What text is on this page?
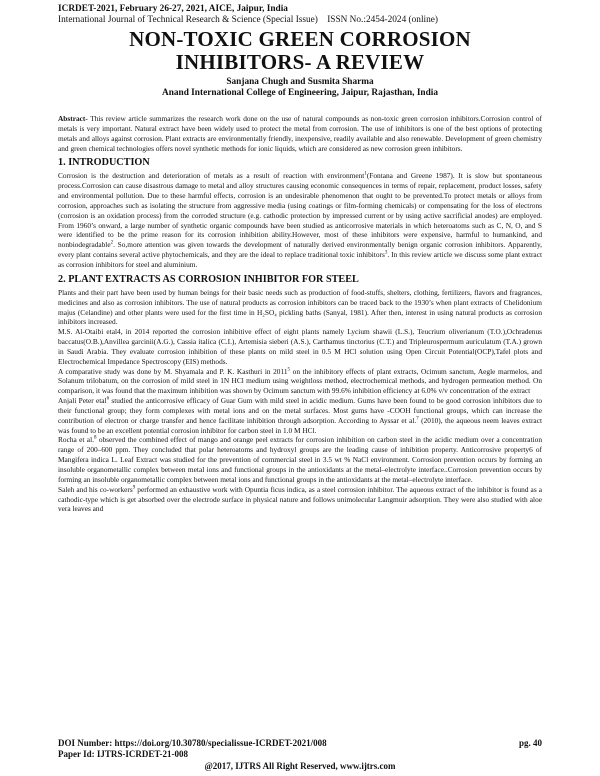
ICRDET-2021, February 26-27, 2021, AICE, Jaipur, India
International Journal of Technical Research & Science (Special Issue)    ISSN No.:2454-2024 (online)
NON-TOXIC GREEN CORROSION
INHIBITORS- A REVIEW
Sanjana Chugh and Susmita Sharma
Anand International College of Engineering, Jaipur, Rajasthan, India

Abstract- This review article summarizes the research work done on the use of natural compounds as non-toxic green corrosion inhibitors.Corrosion control of metals is very important. Natural extract have been widely used to protect the metal from corrosion. The use of inhibitors is one of the best options of protecting metals and alloys against corrosion. Plant extracts are environmentally friendly, inexpensive, readily available and also renewable. Development of green chemistry and green chemical technologies offers novel synthetic methods for ionic liquids, which are considered as new corrosion green inhibitors.

1. INTRODUCTION

Corrosion is the destruction and deterioration of metals as a result of reaction with environment$^1$(Fontana and Greene 1987). It is slow but spontaneous process.Corrosion can cause disastrous damage to metal and alloy structures causing economic consequences in terms of repair, replacement, product losses, safety and environmental pollution. Due to these harmful effects, corrosion is an undesirable phenomenon that ought to be prevented.To protect metals or alloys from corrosion, approaches such as isolating the structure from aggressive media (using coatings or film-forming chemicals) or compensating for the loss of electrons (corrosion is an oxidation process) from the corroded structure (e.g. cathodic protection by impressed current or by using active sacrificial anodes) are employed. From 1960’s onward, a large number of synthetic organic compounds have been studied as anticorrosive materials in which heteroatoms such as C, N, O, and S were identified to be the prime reason for its corrosion inhibition ability.However, most of these inhibitors were expensive, harmful to humankind, and nonbiodegradable$^2$. So,more attention was given towards the development of naturally derived environmentally benign organic corrosion inhibitors. Apparently, every plant contains several active phytochemicals, and they are the ideal to replace traditional toxic inhibitors$^3$. In this review article we discuss some plant extract as corrosion inhibitors for steel and aluminium.

2. PLANT EXTRACTS AS CORROSION INHIBITOR FOR STEEL

Plants and their part have been used by human beings for their basic needs such as production of food-stuffs, shelters, clothing, fertilizers, flavors and fragrances, medicines and also as corrosion inhibitors. The use of natural products as corrosion inhibitors can be traced back to the 1930’s when plant extracts of Chelidonium majus (Celandine) and other plants were used for the first time in H₂SO₄ pickling baths (Sanyal, 1981). After then, interest in using natural products as corrosion inhibitors increased.

M.S. Al-Otaibi etal4, in 2014 reported the corrosion inhibitive effect of eight plants namely Lycium shawii (L.S.), Teucrium oliverianum (T.O.),Ochradenus baccatus(O.B.),Anvillea garcinii(A.G.), Cassia italica (C.I.), Artemisia sieberi (A.S.), Carthamus tinctorius (C.T.) and Tripleurospermum auriculatum (T.A.) grown in Saudi Arabia. They evaluate corrosion inhibition of these plants on mild steel in 0.5 M HCl solution using Open Circuit Potential(OCP),Tafel plots and Electrochemical Impedance Spectroscopy (EIS) methods.

A comparative study was done by M. Shyamala and P. K. Kasthuri in 2011$^5$ on the inhibitory effects of plant extracts, Ocimum sanctum, Aegle marmelos, and Solanum trilobatum, on the corrosion of mild steel in 1N HCl medium using weightloss method, electrochemical methods, and hydrogen permeation method. On comparison, it was found that the maximum inhibition was shown by Ocimum sanctum with 99.6% inhibition efficiency at 6.0% v/v concentration of the extract

Anjali Peter etal$^6$ studied the anticorrosive efficacy of Guar Gum with mild steel in acidic medium. Gums have been found to be good corrosion inhibitors due to their functional group; they form complexes with metal ions and on the metal surfaces. Most gums have -COOH functional groups, which can increase the contribution of electron or charge transfer and hence facilitate inhibition through adsorption. According to Ayssar et al.$^7$ (2010), the aqueous neem leaves extract was found to be an excellent potential corrosion inhibitor for carbon steel in 1.0 M HCl.

Rocha et al.$^8$ observed the combined effect of mango and orange peel extracts for corrosion inhibition on carbon steel in the acidic medium over a concentration range of 200–600 ppm. They concluded that polar heteroatoms and hydroxyl groups are the leading cause of inhibition property. Anticorrosive property6 of Mangifera indica L. Leaf Extract was studied for the prevention of commercial steel in 3.5 wt % NaCl environment. Corrosion prevention occurs by forming an insoluble organometallic complex between metal ions and functional groups in the antioxidants at the metal–electrolyte interface..Corrosion prevention occurs by forming an insoluble organometallic complex between metal ions and functional groups in the antioxidants at the metal–electrolyte interface.

Saleh and his co-workers$^9$ performed an exhaustive work with Opuntia ficus indica, as a steel corrosion inhibitor. The aqueous extract of the inhibitor is found as a cathodic-type which is get absorbed over the electrode surface in physical nature and follows unimolecular Langmuir adsorption. They were also studied with aloe vera leaves and

DOI Number: https://doi.org/10.30780/specialissue-ICRDET-2021/008	pg. 40
Paper Id: IJTRS-ICRDET-21-008
@2017, IJTRS All Right Reserved, www.ijtrs.com
